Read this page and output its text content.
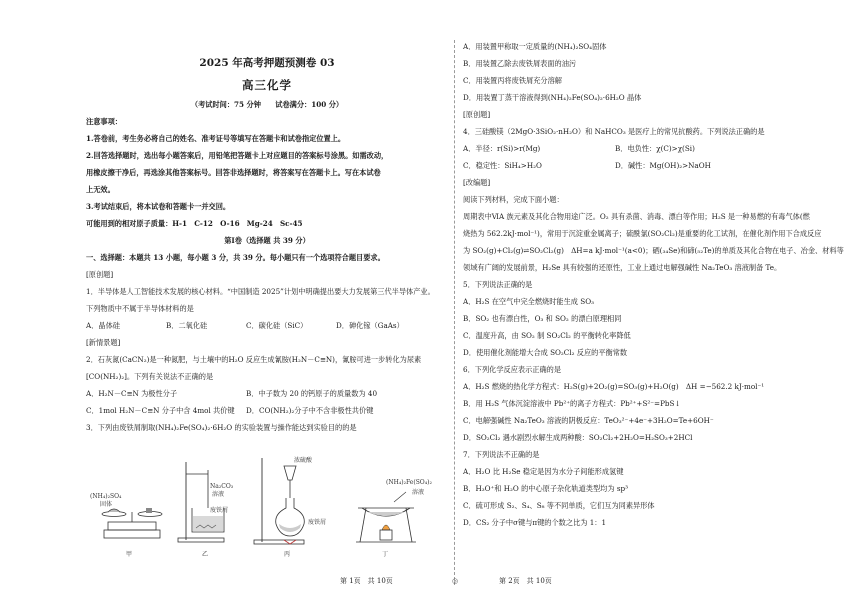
2025 年高考押题预测卷 03
高三化学
（考试时间：75 分钟　　试卷满分：100 分）
注意事项：
1.答卷前，考生务必将自己的姓名、准考证号等填写在答题卡和试卷指定位置上。
2.回答选择题时，选出每小题答案后，用铅笔把答题卡上对应题目的答案标号涂黑。如需改动，
用橡皮擦干净后，再选涂其他答案标号。回答非选择题时，将答案写在答题卡上。写在本试卷
上无效。
3.考试结束后，将本试卷和答题卡一并交回。
可能用到的相对原子质量：H-1　C-12　O-16　Mg-24　Sc-45
第Ⅰ卷（选择题 共 39 分）
一、选择题：本题共 13 小题，每小题 3 分，共 39 分。每小题只有一个选项符合题目要求。
[原创题]
1．半导体是人工智能技术发展的核心材料。“中国制造 2025”计划中明确提出要大力发展第三代半导体产业。
下列物质中不属于半导体材料的是
A．晶体硅	B．二氧化硅	C．碳化硅（SiC）	D．砷化镓（GaAs）
[新情景题]
2．石灰氮(CaCN₂)是一种氮肥，与土壤中的H₂O 反应生成氰胺(H₂N－C≡N)，氰胺可进一步转化为尿素
[CO(NH₂)₂]。下列有关说法不正确的是
A．H₂N－C≡N 为极性分子	B．中子数为 20 的钙原子的质量数为 40
C．1mol H₂N－C≡N 分子中含 4mol 共价键 D．CO(NH₂)₂分子中不含非极性共价键
3．下列由废铁屑制取(NH₄)₂Fe(SO₄)₂·6H₂O 的实验装置与操作能达到实验目的的是
(NH₄)₂SO₄
固体
Na₂CO₃
溶液
废铁屑
浓硫酸
废铁屑
(NH₄)₂Fe(SO₄)₂
溶液
甲	乙	丙	丁
第 1页　共 10页	◎
A．用装置甲称取一定质量的(NH₄)₂SO₄固体
B．用装置乙除去废铁屑表面的油污
C．用装置丙将废铁屑充分溶解
D．用装置丁蒸干溶液得到(NH₄)₂Fe(SO₄)₂·6H₂O 晶体
[原创题]
4．三硅酸镁（2MgO·3SiO₂·nH₂O）和 NaHCO₃ 是医疗上的常见抗酸药。下列说法正确的是
A．半径：r(Si)>r(Mg)	B．电负性：χ(C)>χ(Si)
C．稳定性：SiH₄>H₂O	D．碱性：Mg(OH)₂>NaOH
[改编题]
阅读下列材料，完成下面小题：
周期表中ⅥA 族元素及其化合物用途广泛。O₂ 具有杀菌、消毒、漂白等作用；H₂S 是一种易燃的有毒气体(燃
烧热为 562.2kJ·mol⁻¹)，常用于沉淀重金属离子；硫酰氯(SO₂Cl₂)是重要的化工试剂，在催化剂作用下合成反应
为 SO₂(g)+Cl₂(g)⇌SO₂Cl₂(g)　ΔH=a kJ·mol⁻¹(a<0)；硒(₃₄Se)和碲(₅₂Te)的单质及其化合物在电子、冶金、材料等
领域有广阔的发展前景，H₂Se 具有较强的还原性，工业上通过电解强碱性 Na₂TeO₃ 溶液制备 Te。
5．下列说法正确的是
A．H₂S 在空气中完全燃烧时能生成 SO₃
B．SO₂ 也有漂白性，O₃ 和 SO₂ 的漂白原理相同
C．温度升高，由 SO₂ 制 SO₂Cl₂ 的平衡转化率降低
D．使用催化剂能增大合成 SO₂Cl₂ 反应的平衡常数
6．下列化学反应表示正确的是
A．H₂S 燃烧的热化学方程式：H₂S(g)+2O₂(g)=SO₃(g)+H₂O(g)　ΔH =−562.2 kJ·mol⁻¹
B．用 H₂S 气体沉淀溶液中 Pb²⁺的离子方程式：Pb²⁺+S²⁻=PbS↓
C．电解强碱性 Na₂TeO₃ 溶液的阴极反应：TeO₃²⁻+4e⁻+3H₂O=Te+6OH⁻
D．SO₂Cl₂ 遇水剧烈水解生成两种酸：SO₂Cl₂+2H₂O=H₂SO₃+2HCl
7．下列说法不正确的是
A．H₂O 比 H₂Se 稳定是因为水分子间能形成氢键
B．H₃O⁺和 H₂O 的中心原子杂化轨道类型均为 sp³
C．硫可形成 S₂、S₄、S₈ 等不同单质，它们互为同素异形体
D．CS₂ 分子中σ键与π键的个数之比为 1：1
第 2页　共 10页
